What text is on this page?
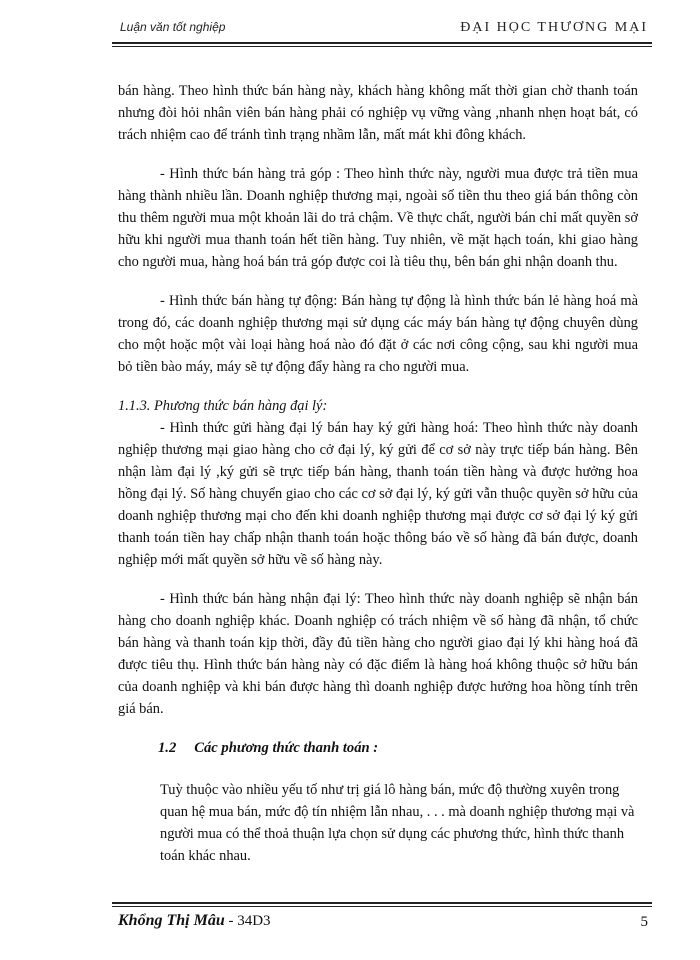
Luận văn tốt nghiệp	ĐẠI HỌC THƯƠNG MẠI

bán hàng. Theo hình thức bán hàng này, khách hàng không mất thời gian chờ thanh toán nhưng đòi hỏi nhân viên bán hàng phải có nghiệp vụ vững vàng ,nhanh nhẹn hoạt bát, có trách nhiệm cao để tránh tình trạng nhầm lẫn, mất mát khi đông khách.

- Hình thức bán hàng trả góp : Theo hình thức này, người mua được trả tiền mua hàng thành nhiều lần. Doanh nghiệp thương mại, ngoài số tiền thu theo giá bán thông còn thu thêm người mua một khoản lãi do trả chậm. Về thực chất, người bán chỉ mất quyền sở hữu khi người mua thanh toán hết tiền hàng. Tuy nhiên, về mặt hạch toán, khi giao hàng cho người mua, hàng hoá bán trả góp được coi là tiêu thụ, bên bán ghi nhận doanh thu.

- Hình thức bán hàng tự động: Bán hàng tự động là hình thức bán lẻ hàng hoá mà trong đó, các doanh nghiệp thương mại sử dụng các máy bán hàng tự động chuyên dùng cho một hoặc một vài loại hàng hoá nào đó đặt ở các nơi công cộng, sau khi người mua bỏ tiền bào máy, máy sẽ tự động đẩy hàng ra cho người mua.

1.1.3. Phương thức bán hàng đại lý:

- Hình thức gửi hàng đại lý bán hay ký gửi hàng hoá: Theo hình thức này doanh nghiệp thương mại giao hàng cho cở đại lý, ký gửi để cơ sở này trực tiếp bán hàng. Bên nhận làm đại lý ,ký gửi sẽ trực tiếp bán hàng, thanh toán tiền hàng và được hưởng hoa hồng đại lý. Số hàng chuyển giao cho các cơ sở đại lý, ký gửi vẫn thuộc quyền sở hữu của doanh nghiệp thương mại cho đến khi doanh nghiệp thương mại được cơ sở đại lý ký gửi thanh toán tiền hay chấp nhận thanh toán hoặc thông báo về số hàng đã bán được, doanh nghiệp mới mất quyền sở hữu về số hàng này.

- Hình thức bán hàng nhận đại lý: Theo hình thức này doanh nghiệp sẽ nhận bán hàng cho doanh nghiệp khác. Doanh nghiệp có trách nhiệm về số hàng đã nhận, tổ chức bán hàng và thanh toán kịp thời, đầy đủ tiền hàng cho người giao đại lý khi hàng hoá đã được tiêu thụ. Hình thức bán hàng này có đặc điểm là hàng hoá không thuộc sở hữu bán của doanh nghiệp và khi bán được hàng thì doanh nghiệp được hưởng hoa hồng tính trên giá bán.

1.2 Các phương thức thanh toán :

Tuỳ thuộc vào nhiều yếu tố như trị giá lô hàng bán, mức độ thường xuyên trong quan hệ mua bán, mức độ tín nhiệm lẫn nhau, . . . mà doanh nghiệp thương mại và người mua có thể thoả thuận lựa chọn sử dụng các phương thức, hình thức thanh toán khác nhau.

Khổng Thị Mâu - 34D3	5
